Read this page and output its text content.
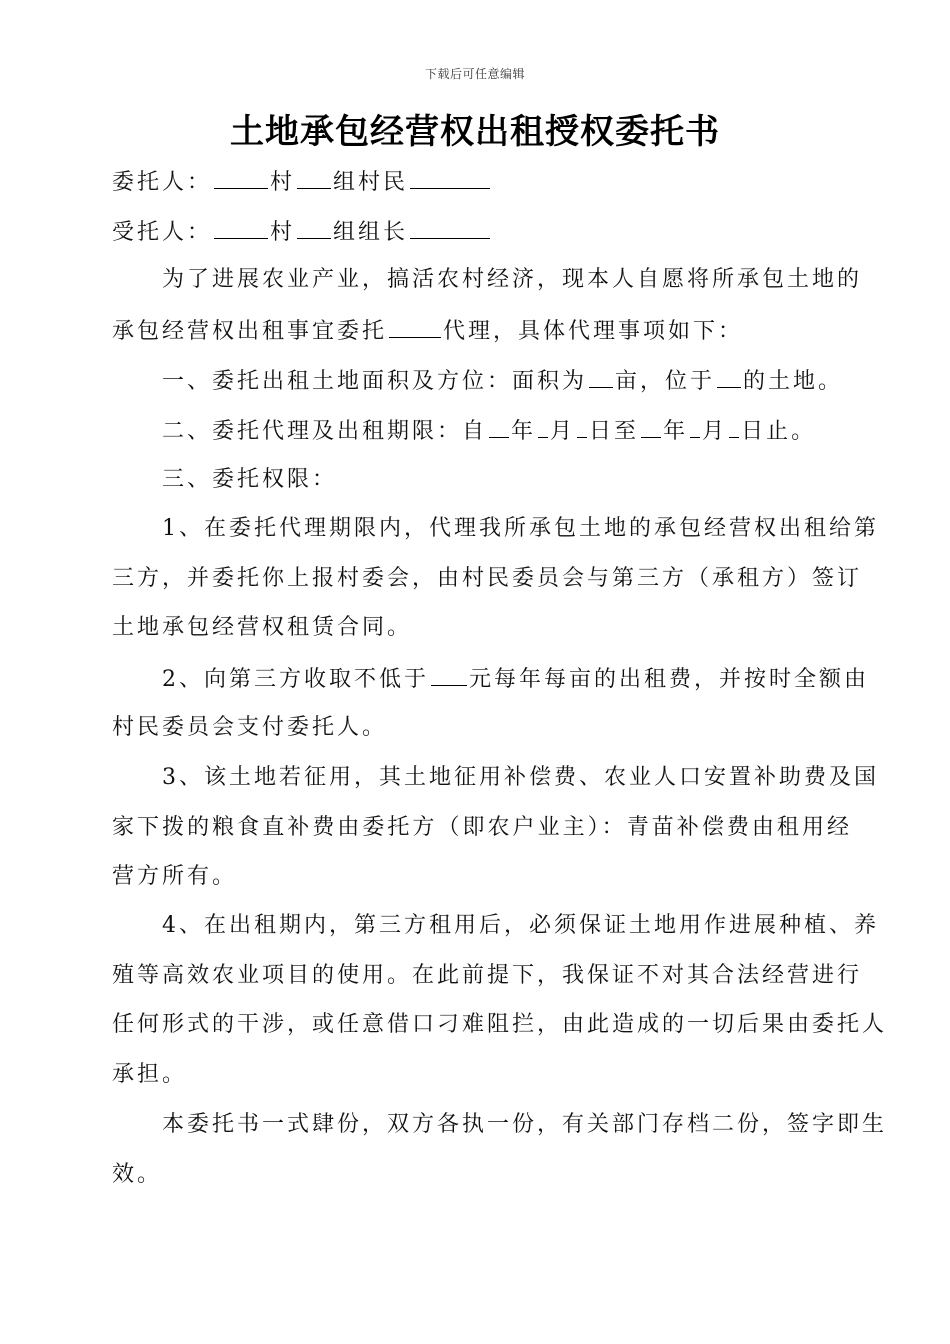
下载后可任意编辑
土地承包经营权出租授权委托书
委托人：	村 组村民
受托人：	村 组组长
为了进展农业产业，搞活农村经济，现本人自愿将所承包土地的
承包经营权出租事宜委托	代理，具体代理事项如下：
一、委托出租土地面积及方位：面积为 亩，位于 的土地。
二、委托代理及出租期限：自 年 月 日至 年 月 日止。
三、委托权限：
1、在委托代理期限内，代理我所承包土地的承包经营权出租给第
三方，并委托你上报村委会，由村民委员会与第三方（承租方）签订
土地承包经营权租赁合同。
2、向第三方收取不低于 元每年每亩的出租费，并按时全额由
村民委员会支付委托人。
3、该土地若征用，其土地征用补偿费、农业人口安置补助费及国
家下拨的粮食直补费由委托方（即农户业主）：青苗补偿费由租用经
营方所有。
4、在出租期内，第三方租用后，必须保证土地用作进展种植、养
殖等高效农业项目的使用。在此前提下，我保证不对其合法经营进行
任何形式的干涉，或任意借口刁难阻拦，由此造成的一切后果由委托人
承担。
本委托书一式肆份，双方各执一份，有关部门存档二份，签字即生
效。
